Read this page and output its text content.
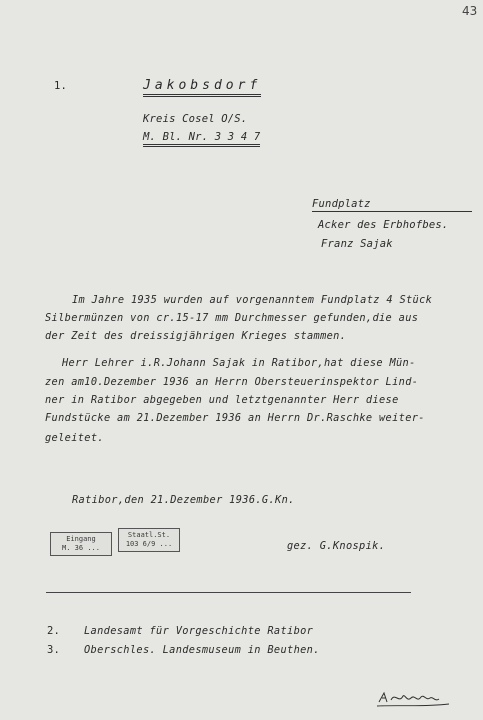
43
1.	Jakobsdorf
Kreis Cosel O/S.
M. Bl. Nr. 3 3 4 7
Fundplatz
Acker des Erbhofbes.
Franz Sajak
Im Jahre 1935 wurden auf vorgenanntem Fundplatz 4 Stück
Silbermünzen von cr.15-17 mm Durchmesser gefunden,die aus
der Zeit des dreissigjährigen Krieges stammen.
Herr Lehrer i.R.Johann Sajak in Ratibor,hat diese Mün-
zen am10.Dezember 1936 an Herrn Obersteuerinspektor Lind-
ner in Ratibor abgegeben und letztgenannter Herr diese
Fundstücke am 21.Dezember 1936 an Herrn Dr.Raschke weiter-
geleitet.
Ratibor,den 21.Dezember 1936.G.Kn.
Eingang
M. 36 ...
Staatl.St.
103 6/9 ...	gez. G.Knospik.
2. Landesamt für Vorgeschichte Ratibor
3. Oberschles. Landesmuseum in Beuthen.
